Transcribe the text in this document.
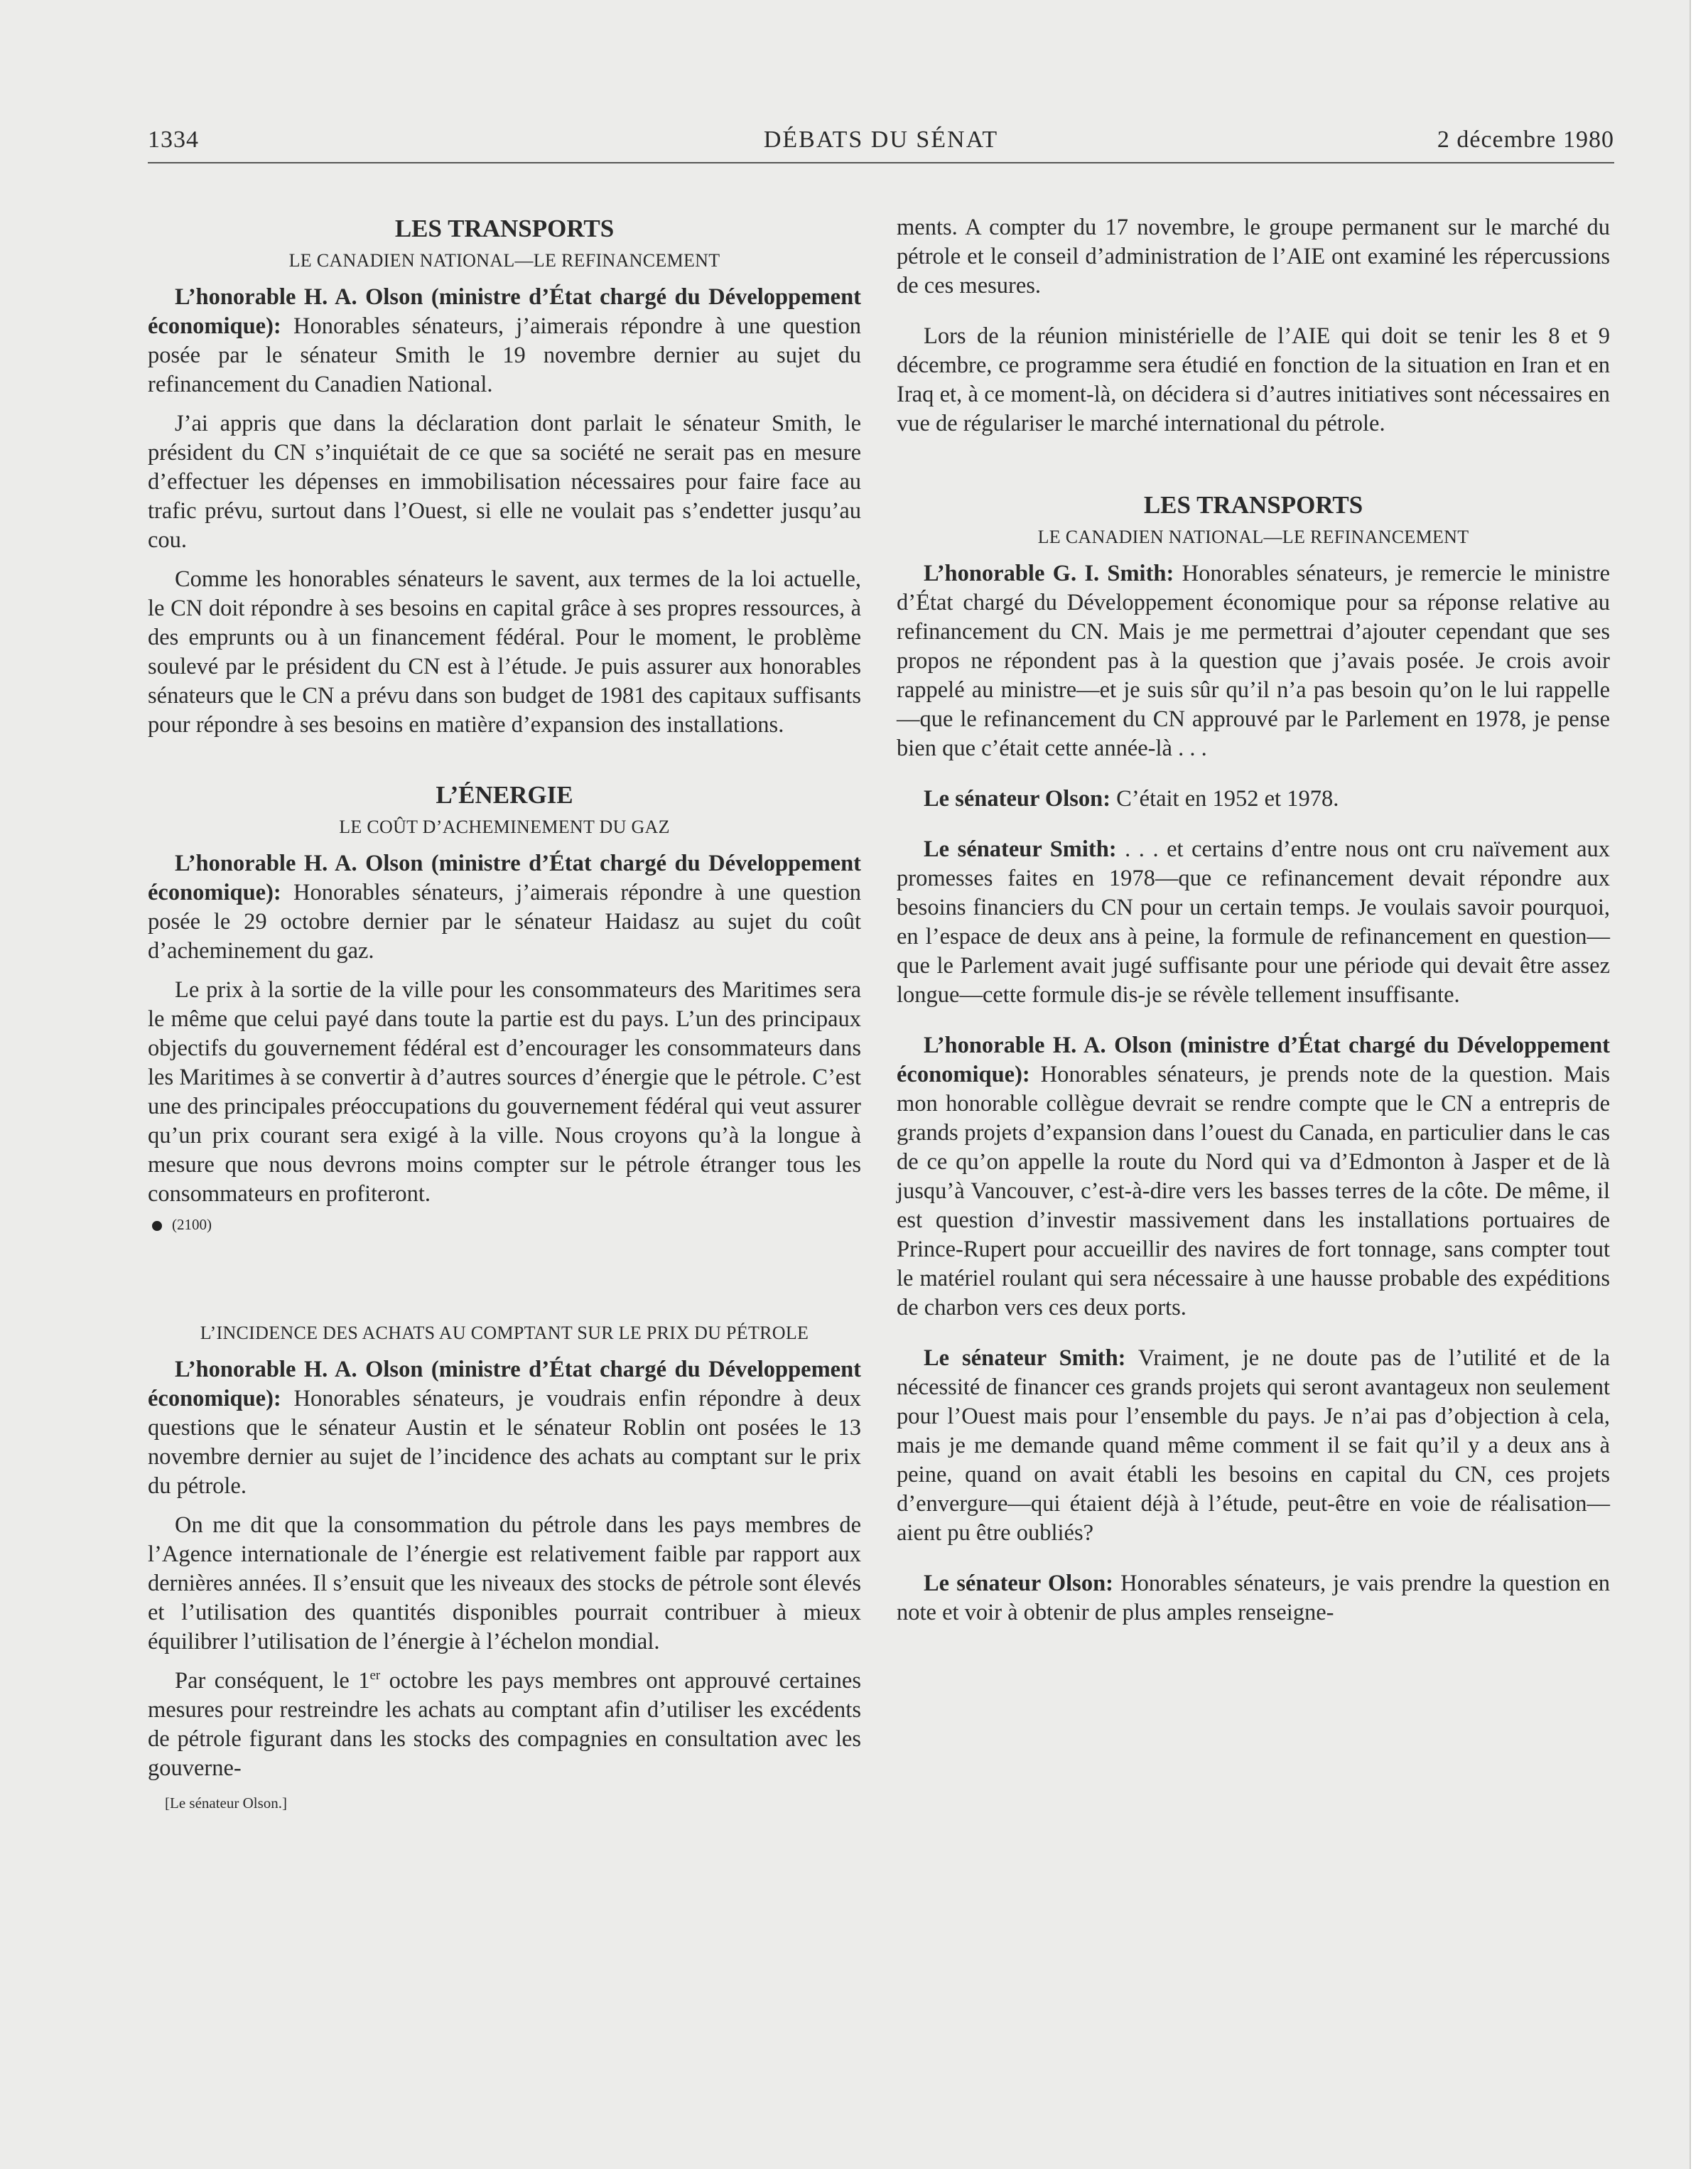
1334	DÉBATS DU SÉNAT	2 décembre 1980
LES TRANSPORTS
LE CANADIEN NATIONAL—LE REFINANCEMENT

L’honorable H. A. Olson (ministre d’État chargé du Développement économique): Honorables sénateurs, j’aimerais répondre à une question posée par le sénateur Smith le 19 novembre dernier au sujet du refinancement du Canadien National.

J’ai appris que dans la déclaration dont parlait le sénateur Smith, le président du CN s’inquiétait de ce que sa société ne serait pas en mesure d’effectuer les dépenses en immobilisation nécessaires pour faire face au trafic prévu, surtout dans l’Ouest, si elle ne voulait pas s’endetter jusqu’au cou.

Comme les honorables sénateurs le savent, aux termes de la loi actuelle, le CN doit répondre à ses besoins en capital grâce à ses propres ressources, à des emprunts ou à un financement fédéral. Pour le moment, le problème soulevé par le président du CN est à l’étude. Je puis assurer aux honorables sénateurs que le CN a prévu dans son budget de 1981 des capitaux suffisants pour répondre à ses besoins en matière d’expansion des installations.

L’ÉNERGIE
LE COÛT D’ACHEMINEMENT DU GAZ

L’honorable H. A. Olson (ministre d’État chargé du Développement économique): Honorables sénateurs, j’aimerais répondre à une question posée le 29 octobre dernier par le sénateur Haidasz au sujet du coût d’acheminement du gaz.

Le prix à la sortie de la ville pour les consommateurs des Maritimes sera le même que celui payé dans toute la partie est du pays. L’un des principaux objectifs du gouvernement fédéral est d’encourager les consommateurs dans les Maritimes à se convertir à d’autres sources d’énergie que le pétrole. C’est une des principales préoccupations du gouvernement fédéral qui veut assurer qu’un prix courant sera exigé à la ville. Nous croyons qu’à la longue à mesure que nous devrons moins compter sur le pétrole étranger tous les consommateurs en profiteront.

(2100)
L’INCIDENCE DES ACHATS AU COMPTANT SUR LE PRIX DU PÉTROLE

L’honorable H. A. Olson (ministre d’État chargé du Développement économique): Honorables sénateurs, je voudrais enfin répondre à deux questions que le sénateur Austin et le sénateur Roblin ont posées le 13 novembre dernier au sujet de l’incidence des achats au comptant sur le prix du pétrole.

On me dit que la consommation du pétrole dans les pays membres de l’Agence internationale de l’énergie est relativement faible par rapport aux dernières années. Il s’ensuit que les niveaux des stocks de pétrole sont élevés et l’utilisation des quantités disponibles pourrait contribuer à mieux équilibrer l’utilisation de l’énergie à l’échelon mondial.

Par conséquent, le 1er octobre les pays membres ont approuvé certaines mesures pour restreindre les achats au comptant afin d’utiliser les excédents de pétrole figurant dans les stocks des compagnies en consultation avec les gouverne-

[Le sénateur Olson.]

ments. A compter du 17 novembre, le groupe permanent sur le marché du pétrole et le conseil d’administration de l’AIE ont examiné les répercussions de ces mesures.

Lors de la réunion ministérielle de l’AIE qui doit se tenir les 8 et 9 décembre, ce programme sera étudié en fonction de la situation en Iran et en Iraq et, à ce moment-là, on décidera si d’autres initiatives sont nécessaires en vue de régulariser le marché international du pétrole.

LES TRANSPORTS
LE CANADIEN NATIONAL—LE REFINANCEMENT

L’honorable G. I. Smith: Honorables sénateurs, je remercie le ministre d’État chargé du Développement économique pour sa réponse relative au refinancement du CN. Mais je me permettrai d’ajouter cependant que ses propos ne répondent pas à la question que j’avais posée. Je crois avoir rappelé au ministre—et je suis sûr qu’il n’a pas besoin qu’on le lui rappelle—que le refinancement du CN approuvé par le Parlement en 1978, je pense bien que c’était cette année-là . . .

Le sénateur Olson: C’était en 1952 et 1978.

Le sénateur Smith: . . . et certains d’entre nous ont cru naïvement aux promesses faites en 1978—que ce refinancement devait répondre aux besoins financiers du CN pour un certain temps. Je voulais savoir pourquoi, en l’espace de deux ans à peine, la formule de refinancement en question—que le Parlement avait jugé suffisante pour une période qui devait être assez longue—cette formule dis-je se révèle tellement insuffisante.

L’honorable H. A. Olson (ministre d’État chargé du Développement économique): Honorables sénateurs, je prends note de la question. Mais mon honorable collègue devrait se rendre compte que le CN a entrepris de grands projets d’expansion dans l’ouest du Canada, en particulier dans le cas de ce qu’on appelle la route du Nord qui va d’Edmonton à Jasper et de là jusqu’à Vancouver, c’est-à-dire vers les basses terres de la côte. De même, il est question d’investir massivement dans les installations portuaires de Prince-Rupert pour accueillir des navires de fort tonnage, sans compter tout le matériel roulant qui sera nécessaire à une hausse probable des expéditions de charbon vers ces deux ports.

Le sénateur Smith: Vraiment, je ne doute pas de l’utilité et de la nécessité de financer ces grands projets qui seront avantageux non seulement pour l’Ouest mais pour l’ensemble du pays. Je n’ai pas d’objection à cela, mais je me demande quand même comment il se fait qu’il y a deux ans à peine, quand on avait établi les besoins en capital du CN, ces projets d’envergure—qui étaient déjà à l’étude, peut-être en voie de réalisation—aient pu être oubliés?

Le sénateur Olson: Honorables sénateurs, je vais prendre la question en note et voir à obtenir de plus amples renseigne-
